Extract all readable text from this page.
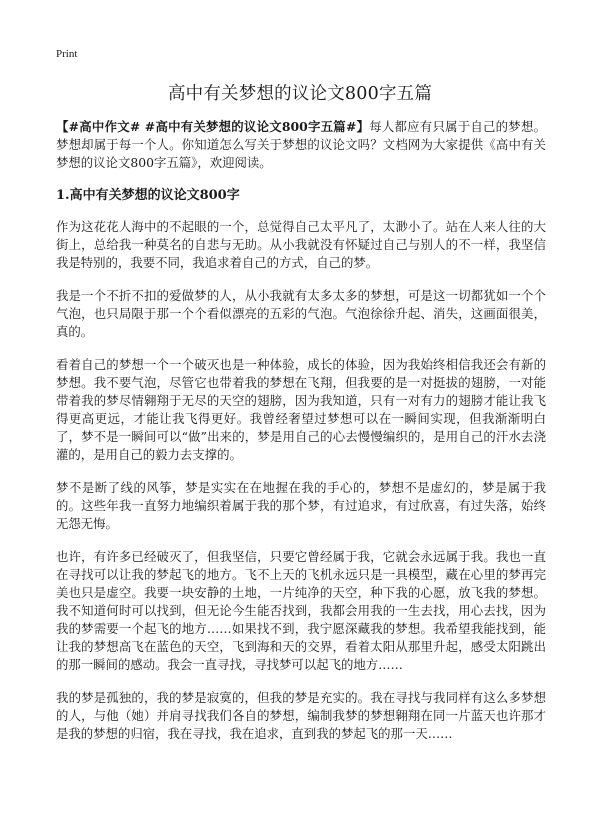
Print
高中有关梦想的议论文800字五篇

【#高中作文# #高中有关梦想的议论文800字五篇#】每人都应有只属于自己的梦想。梦想却属于每一个人。你知道怎么写关于梦想的议论文吗？文档网为大家提供《高中有关梦想的议论文800字五篇》，欢迎阅读。

1.高中有关梦想的议论文800字

作为这花花人海中的不起眼的一个，总觉得自己太平凡了，太渺小了。站在人来人往的大街上，总给我一种莫名的自悲与无助。从小我就没有怀疑过自己与别人的不一样，我坚信我是特别的，我要不同，我追求着自己的方式，自己的梦。

我是一个不折不扣的爱做梦的人，从小我就有太多太多的梦想，可是这一切都犹如一个个气泡，也只局限于那一个个看似漂亮的五彩的气泡。气泡徐徐升起、消失，这画面很美，真的。

看着自己的梦想一个一个破灭也是一种体验，成长的体验，因为我始终相信我还会有新的梦想。我不要气泡，尽管它也带着我的梦想在飞翔，但我要的是一对挺拔的翅膀，一对能带着我的梦尽情翱翔于无尽的天空的翅膀，因为我知道，只有一对有力的翅膀才能让我飞得更高更远，才能让我飞得更好。我曾经奢望过梦想可以在一瞬间实现，但我渐渐明白了，梦不是一瞬间可以“做”出来的，梦是用自己的心去慢慢编织的，是用自己的汗水去浇灌的，是用自己的毅力去支撑的。

梦不是断了线的风筝，梦是实实在在地握在我的手心的，梦想不是虚幻的，梦是属于我的。这些年我一直努力地编织着属于我的那个梦，有过追求，有过欣喜，有过失落，始终无怨无悔。

也许，有许多已经破灭了，但我坚信，只要它曾经属于我，它就会永远属于我。我也一直在寻找可以让我的梦起飞的地方。飞不上天的飞机永远只是一具模型，藏在心里的梦再完美也只是虚空。我要一块安静的土地，一片纯净的天空，种下我的心愿，放飞我的梦想。我不知道何时可以找到，但无论今生能否找到，我都会用我的一生去找，用心去找，因为我的梦需要一个起飞的地方……如果找不到，我宁愿深藏我的梦想。我希望我能找到，能让我的梦想高飞在蓝色的天空，飞到海和天的交界，看着太阳从那里升起，感受太阳跳出的那一瞬间的感动。我会一直寻找，寻找梦可以起飞的地方……

我的梦是孤独的，我的梦是寂寞的，但我的梦是充实的。我在寻找与我同样有这么多梦想的人，与他（她）并肩寻找我们各自的梦想，编制我梦的梦想翱翔在同一片蓝天也许那才是我的梦想的归宿，我在寻找，我在追求，直到我的梦起飞的那一天……
